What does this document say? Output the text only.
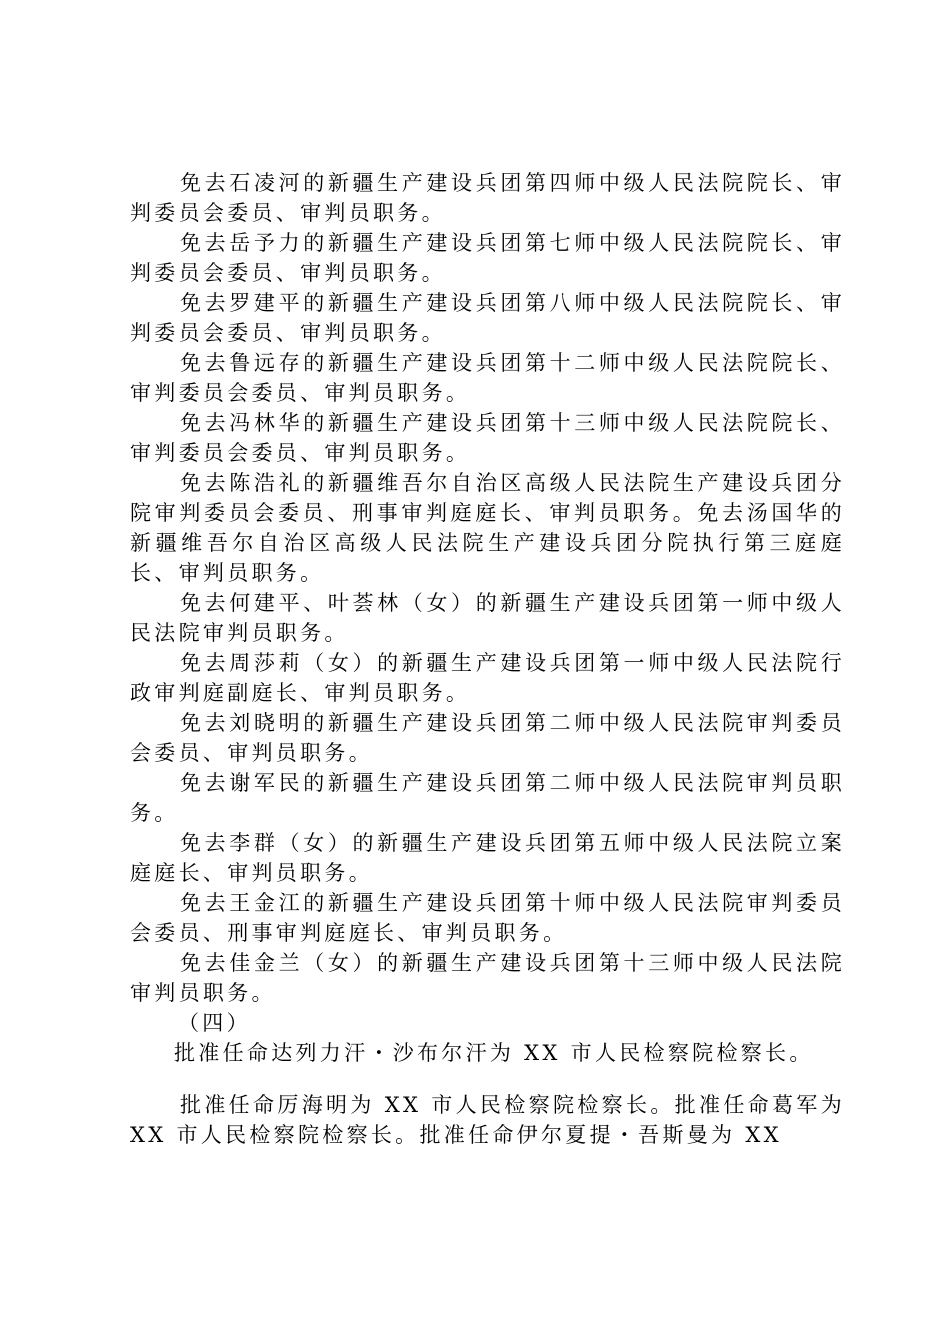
免去石凌河的新疆生产建设兵团第四师中级人民法院院长、审判委员会委员、审判员职务。

免去岳予力的新疆生产建设兵团第七师中级人民法院院长、审判委员会委员、审判员职务。

免去罗建平的新疆生产建设兵团第八师中级人民法院院长、审判委员会委员、审判员职务。

免去鲁远存的新疆生产建设兵团第十二师中级人民法院院长、审判委员会委员、审判员职务。

免去冯林华的新疆生产建设兵团第十三师中级人民法院院长、审判委员会委员、审判员职务。

免去陈浩礼的新疆维吾尔自治区高级人民法院生产建设兵团分院审判委员会委员、刑事审判庭庭长、审判员职务。免去汤国华的新疆维吾尔自治区高级人民法院生产建设兵团分院执行第三庭庭长、审判员职务。

免去何建平、叶荟林（女）的新疆生产建设兵团第一师中级人民法院审判员职务。

免去周莎莉（女）的新疆生产建设兵团第一师中级人民法院行政审判庭副庭长、审判员职务。

免去刘晓明的新疆生产建设兵团第二师中级人民法院审判委员会委员、审判员职务。

免去谢军民的新疆生产建设兵团第二师中级人民法院审判员职务。

免去李群（女）的新疆生产建设兵团第五师中级人民法院立案庭庭长、审判员职务。

免去王金江的新疆生产建设兵团第十师中级人民法院审判委员会委员、刑事审判庭庭长、审判员职务。

免去佳金兰（女）的新疆生产建设兵团第十三师中级人民法院审判员职务。

（四）

批准任命达列力汗・沙布尔汗为 XX 市人民检察院检察长。

批准任命厉海明为 XX 市人民检察院检察长。批准任命葛军为 XX 市人民检察院检察长。批准任命伊尔夏提・吾斯曼为 XX
